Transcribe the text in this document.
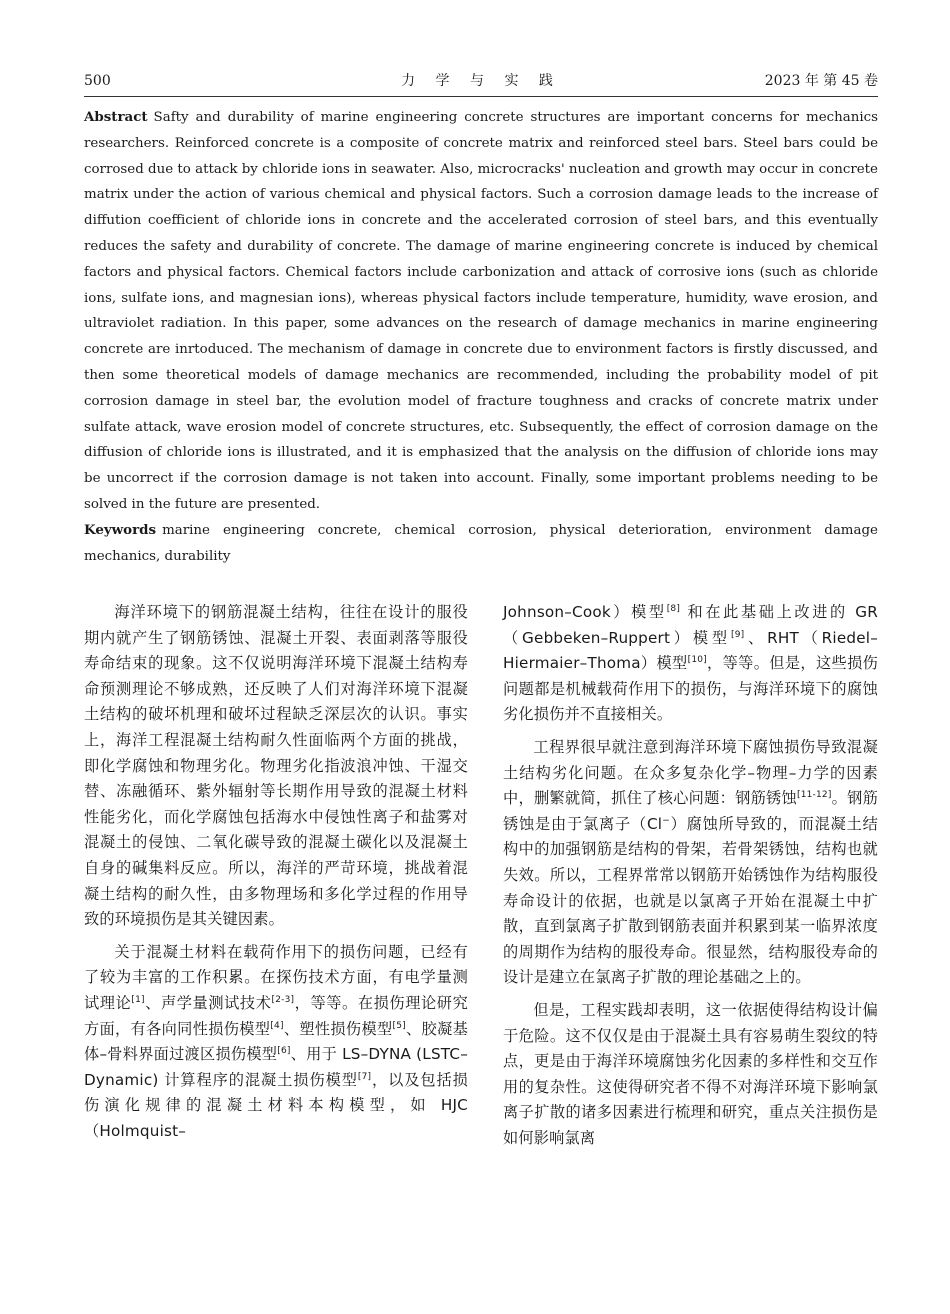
500	力 学 与 实 践	2023 年 第 45 卷

Abstract Safty and durability of marine engineering concrete structures are important concerns for mechanics researchers. Reinforced concrete is a composite of concrete matrix and reinforced steel bars. Steel bars could be corrosed due to attack by chloride ions in seawater. Also, microcracks' nucleation and growth may occur in concrete matrix under the action of various chemical and physical factors. Such a corrosion damage leads to the increase of diffution coefficient of chloride ions in concrete and the accelerated corrosion of steel bars, and this eventually reduces the safety and durability of concrete. The damage of marine engineering concrete is induced by chemical factors and physical factors. Chemical factors include carbonization and attack of corrosive ions (such as chloride ions, sulfate ions, and magnesian ions), whereas physical factors include temperature, humidity, wave erosion, and ultraviolet radiation. In this paper, some advances on the research of damage mechanics in marine engineering concrete are inrtoduced. The mechanism of damage in concrete due to environment factors is firstly discussed, and then some theoretical models of damage mechanics are recommended, including the probability model of pit corrosion damage in steel bar, the evolution model of fracture toughness and cracks of concrete matrix under sulfate attack, wave erosion model of concrete structures, etc. Subsequently, the effect of corrosion damage on the diffusion of chloride ions is illustrated, and it is emphasized that the analysis on the diffusion of chloride ions may be uncorrect if the corrosion damage is not taken into account. Finally, some important problems needing to be solved in the future are presented.

Keywords marine engineering concrete, chemical corrosion, physical deterioration, environment damage mechanics, durability

海洋环境下的钢筋混凝土结构，往往在设计的服役期内就产生了钢筋锈蚀、混凝土开裂、表面剥落等服役寿命结束的现象。这不仅说明海洋环境下混凝土结构寿命预测理论不够成熟，还反映了人们对海洋环境下混凝土结构的破坏机理和破坏过程缺乏深层次的认识。事实上，海洋工程混凝土结构耐久性面临两个方面的挑战，即化学腐蚀和物理劣化。物理劣化指波浪冲蚀、干湿交替、冻融循环、紫外辐射等长期作用导致的混凝土材料性能劣化，而化学腐蚀包括海水中侵蚀性离子和盐雾对混凝土的侵蚀、二氧化碳导致的混凝土碳化以及混凝土自身的碱集料反应。所以，海洋的严苛环境，挑战着混凝土结构的耐久性，由多物理场和多化学过程的作用导致的环境损伤是其关键因素。

关于混凝土材料在载荷作用下的损伤问题，已经有了较为丰富的工作积累。在探伤技术方面，有电学量测试理论[1]、声学量测试技术[2-3]，等等。在损伤理论研究方面，有各向同性损伤模型[4]、塑性损伤模型[5]、胶凝基体–骨料界面过渡区损伤模型[6]、用于 LS–DYNA (LSTC–Dynamic) 计算程序的混凝土损伤模型[7]，以及包括损伤演化规律的混凝土材料本构模型，如 HJC（Holmquist–

Johnson–Cook）模型[8] 和在此基础上改进的 GR（Gebbeken–Ruppert）模型[9]、RHT（Riedel–Hiermaier–Thoma）模型[10]，等等。但是，这些损伤问题都是机械载荷作用下的损伤，与海洋环境下的腐蚀劣化损伤并不直接相关。

工程界很早就注意到海洋环境下腐蚀损伤导致混凝土结构劣化问题。在众多复杂化学–物理–力学的因素中，删繁就简，抓住了核心问题：钢筋锈蚀[11-12]。钢筋锈蚀是由于氯离子（Cl−）腐蚀所导致的，而混凝土结构中的加强钢筋是结构的骨架，若骨架锈蚀，结构也就失效。所以，工程界常常以钢筋开始锈蚀作为结构服役寿命设计的依据，也就是以氯离子开始在混凝土中扩散，直到氯离子扩散到钢筋表面并积累到某一临界浓度的周期作为结构的服役寿命。很显然，结构服役寿命的设计是建立在氯离子扩散的理论基础之上的。

但是，工程实践却表明，这一依据使得结构设计偏于危险。这不仅仅是由于混凝土具有容易萌生裂纹的特点，更是由于海洋环境腐蚀劣化因素的多样性和交互作用的复杂性。这使得研究者不得不对海洋环境下影响氯离子扩散的诸多因素进行梳理和研究，重点关注损伤是如何影响氯离
